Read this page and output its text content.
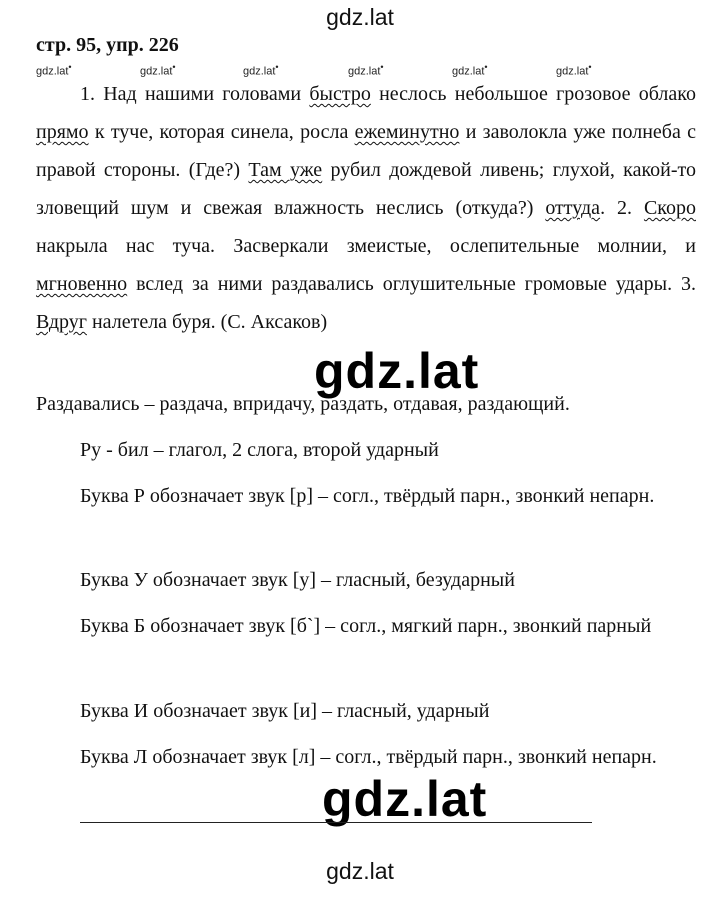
gdz.lat
стр. 95, упр. 226
gdz.lat•	gdz.lat•	gdz.lat•	gdz.lat•	gdz.lat•	gdz.lat•
1. Над нашими головами быстро неслось небольшое грозовое облако прямо к туче, которая синела, росла ежеминутно и заволокла уже полнеба с правой стороны. (Где?) Там уже рубил дождевой ливень; глухой, какой-то зловещий шум и свежая влажность неслись (откуда?) оттуда. 2. Скоро накрыла нас туча. Засверкали змеистые, ослепительные молнии, и мгновенно вслед за ними раздавались оглушительные громовые удары. 3. Вдруг налетела буря. (С. Аксаков)
gdz.lat
Раздавались – раздача, впридачу, раздать, отдавая, раздающий.
Ру - бил – глагол, 2 слога, второй ударный
Буква Р обозначает звук [р] – согл., твёрдый парн., звонкий непарн.
Буква У обозначает звук [у] – гласный, безударный
Буква Б обозначает звук [б`] – согл., мягкий парн., звонкий парный
Буква И обозначает звук [и] – гласный, ударный
Буква Л обозначает звук [л] – согл., твёрдый парн., звонкий непарн.
gdz.lat
gdz.lat
